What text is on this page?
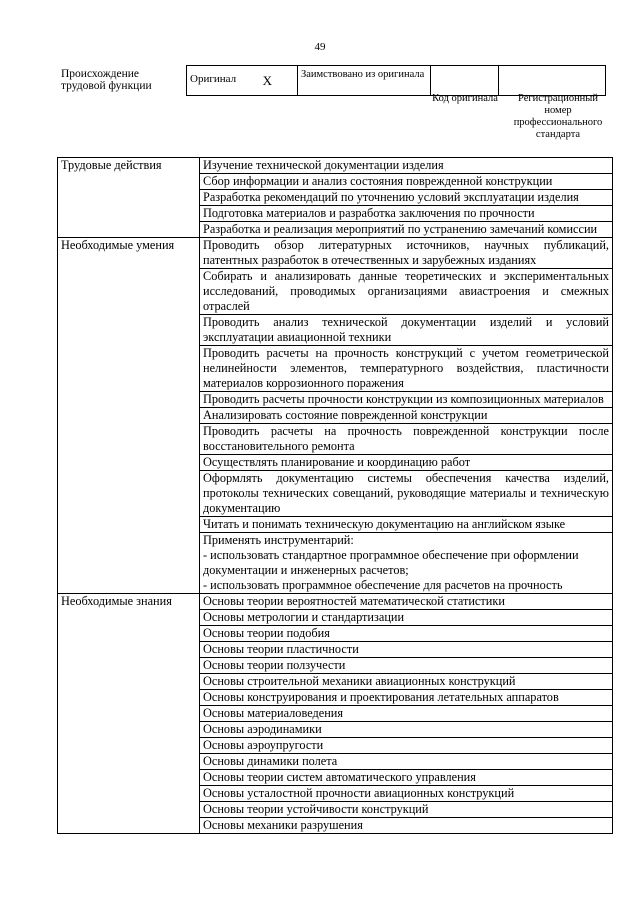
49
Происхождение трудовой функции
Оригинал X	Заимствовано из оригинала		
Код оригинала	Регистрационный номер профессионального стандарта
Трудовые действия	Изучение технической документации изделия
	Сбор информации и анализ состояния поврежденной конструкции
	Разработка рекомендаций по уточнению условий эксплуатации изделия
	Подготовка материалов и разработка заключения по прочности
	Разработка и реализация мероприятий по устранению замечаний комиссии
Необходимые умения	Проводить обзор литературных источников, научных публикаций, патентных разработок в отечественных и зарубежных изданиях
	Собирать и анализировать данные теоретических и экспериментальных исследований, проводимых организациями авиастроения и смежных отраслей
	Проводить анализ технической документации изделий и условий эксплуатации авиационной техники
	Проводить расчеты на прочность конструкций с учетом геометрической нелинейности элементов, температурного воздействия, пластичности материалов коррозионного поражения
	Проводить расчеты прочности конструкции из композиционных материалов
	Анализировать состояние поврежденной конструкции
	Проводить расчеты на прочность поврежденной конструкции после восстановительного ремонта
	Осуществлять планирование и координацию работ
	Оформлять документацию системы обеспечения качества изделий, протоколы технических совещаний, руководящие материалы и техническую документацию
	Читать и понимать техническую документацию на английском языке

	Применять инструментарий:
- использовать стандартное программное обеспечение при оформлении документации и инженерных расчетов;
- использовать программное обеспечение для расчетов на прочность

Необходимые знания	Основы теории вероятностей математической статистики
	Основы метрологии и стандартизации
	Основы теории подобия
	Основы теории пластичности
	Основы теории ползучести
	Основы строительной механики авиационных конструкций
	Основы конструирования и проектирования летательных аппаратов
	Основы материаловедения
	Основы аэродинамики
	Основы аэроупругости
	Основы динамики полета
	Основы теории систем автоматического управления
	Основы усталостной прочности авиационных конструкций
	Основы теории устойчивости конструкций
	Основы механики разрушения
